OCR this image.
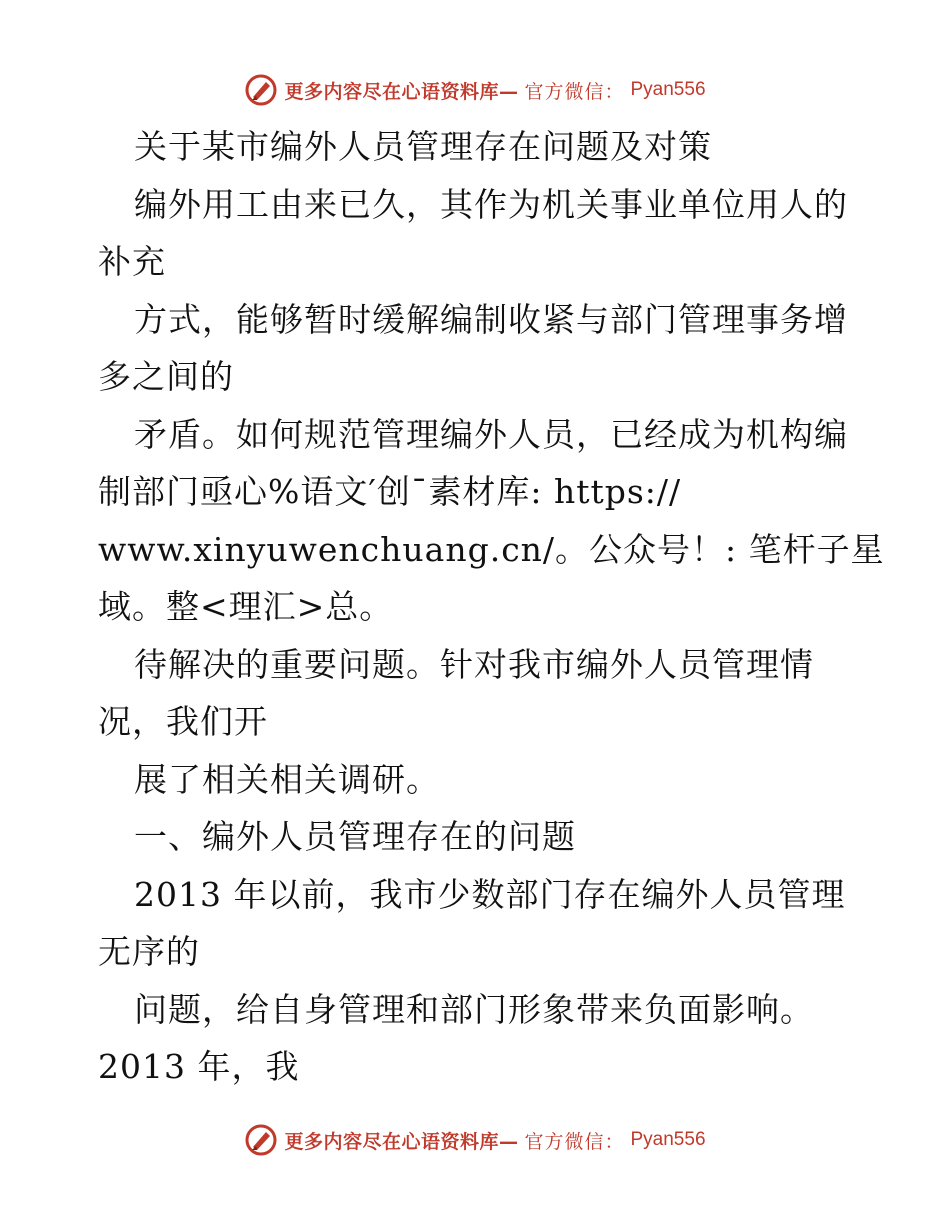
更多内容尽在心语资料库— 官方微信： Pyan556
关于某市编外人员管理存在问题及对策
编外用工由来已久，其作为机关事业单位用人的
补充
方式，能够暂时缓解编制收紧与部门管理事务增
多之间的
矛盾。如何规范管理编外人员，已经成为机构编
制部门亟心%语文′创¯素材库: https://
www.xinyuwenchuang.cn/。公众号！: 笔杆子星
域。整<理汇>总。
待解决的重要问题。针对我市编外人员管理情
况，我们开
展了相关相关调研。
一、编外人员管理存在的问题
2013 年以前，我市少数部门存在编外人员管理
无序的
问题，给自身管理和部门形象带来负面影响。
2013 年，我
更多内容尽在心语资料库— 官方微信： Pyan556
